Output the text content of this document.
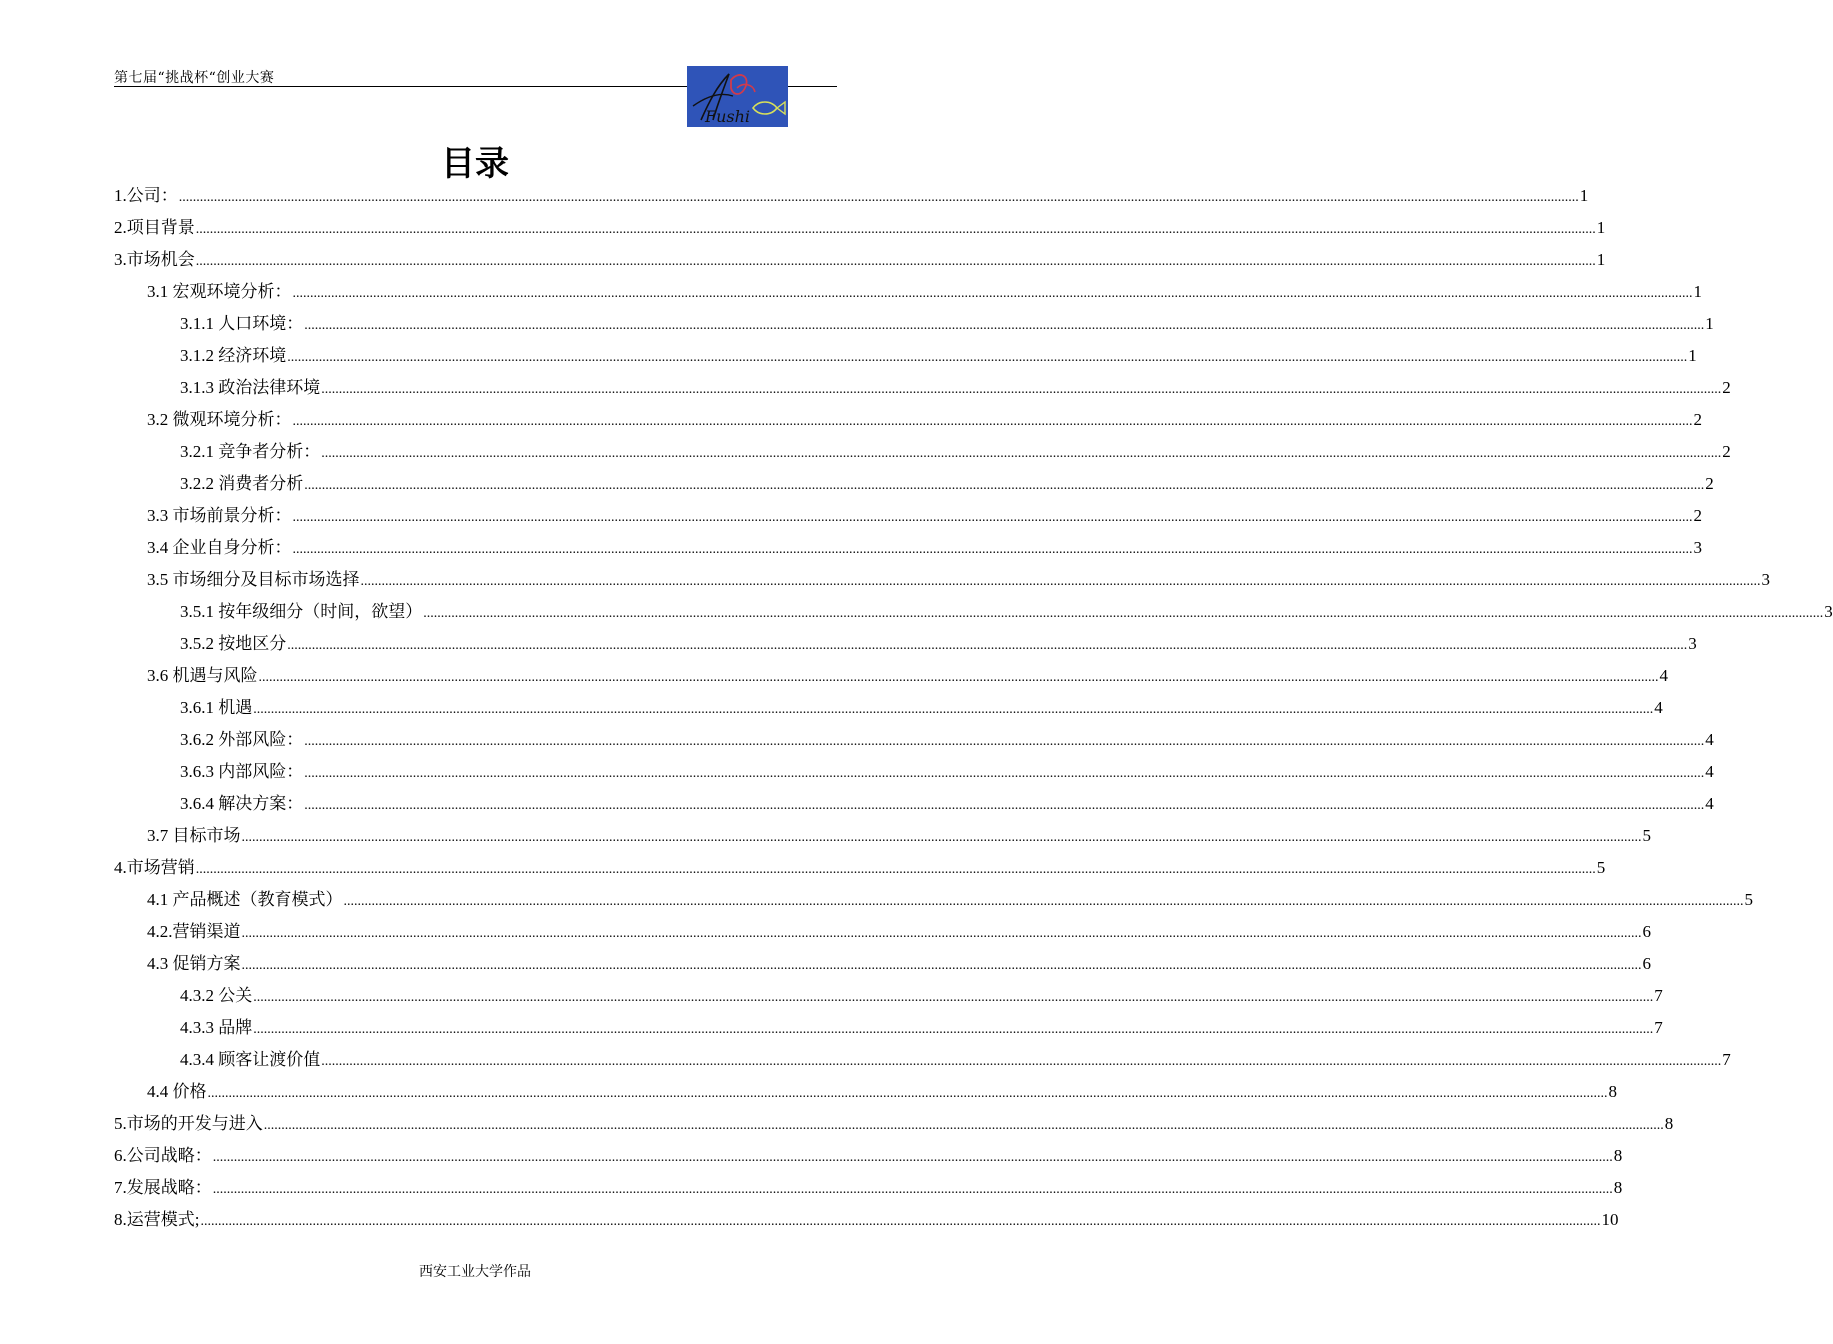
第七届“挑战杯“创业大赛
Fushi
目录
1.公司： ................................................................................................................................................................................................................................................................................................................................................................................................................ 1
2.项目背景 ................................................................................................................................................................................................................................................................................................................................................................................................................ 1
3.市场机会 ................................................................................................................................................................................................................................................................................................................................................................................................................ 1
3.1 宏观环境分析： ................................................................................................................................................................................................................................................................................................................................................................................................................ 1
3.1.1 人口环境： ................................................................................................................................................................................................................................................................................................................................................................................................................ 1
3.1.2 经济环境 ................................................................................................................................................................................................................................................................................................................................................................................................................ 1
3.1.3 政治法律环境 ................................................................................................................................................................................................................................................................................................................................................................................................................ 2
3.2 微观环境分析： ................................................................................................................................................................................................................................................................................................................................................................................................................ 2
3.2.1 竞争者分析： ................................................................................................................................................................................................................................................................................................................................................................................................................ 2
3.2.2 消费者分析 ................................................................................................................................................................................................................................................................................................................................................................................................................ 2
3.3 市场前景分析： ................................................................................................................................................................................................................................................................................................................................................................................................................ 2
3.4 企业自身分析： ................................................................................................................................................................................................................................................................................................................................................................................................................ 3
3.5 市场细分及目标市场选择 ................................................................................................................................................................................................................................................................................................................................................................................................................ 3
3.5.1 按年级细分（时间，欲望） ................................................................................................................................................................................................................................................................................................................................................................................................................ 3
3.5.2 按地区分 ................................................................................................................................................................................................................................................................................................................................................................................................................ 3
3.6 机遇与风险 ................................................................................................................................................................................................................................................................................................................................................................................................................ 4
3.6.1 机遇 ................................................................................................................................................................................................................................................................................................................................................................................................................ 4
3.6.2 外部风险： ................................................................................................................................................................................................................................................................................................................................................................................................................ 4
3.6.3 内部风险： ................................................................................................................................................................................................................................................................................................................................................................................................................ 4
3.6.4 解决方案： ................................................................................................................................................................................................................................................................................................................................................................................................................ 4
3.7 目标市场 ................................................................................................................................................................................................................................................................................................................................................................................................................ 5
4.市场营销 ................................................................................................................................................................................................................................................................................................................................................................................................................ 5
4.1 产品概述（教育模式） ................................................................................................................................................................................................................................................................................................................................................................................................................ 5
4.2.营销渠道 ................................................................................................................................................................................................................................................................................................................................................................................................................ 6
4.3 促销方案 ................................................................................................................................................................................................................................................................................................................................................................................................................ 6
4.3.2 公关 ................................................................................................................................................................................................................................................................................................................................................................................................................ 7
4.3.3 品牌 ................................................................................................................................................................................................................................................................................................................................................................................................................ 7
4.3.4 顾客让渡价值 ................................................................................................................................................................................................................................................................................................................................................................................................................ 7
4.4 价格 ................................................................................................................................................................................................................................................................................................................................................................................................................ 8
5.市场的开发与进入 ................................................................................................................................................................................................................................................................................................................................................................................................................ 8
6.公司战略： ................................................................................................................................................................................................................................................................................................................................................................................................................ 8
7.发展战略： ................................................................................................................................................................................................................................................................................................................................................................................................................ 8
8.运营模式; ................................................................................................................................................................................................................................................................................................................................................................................................................ 10
西安工业大学作品
